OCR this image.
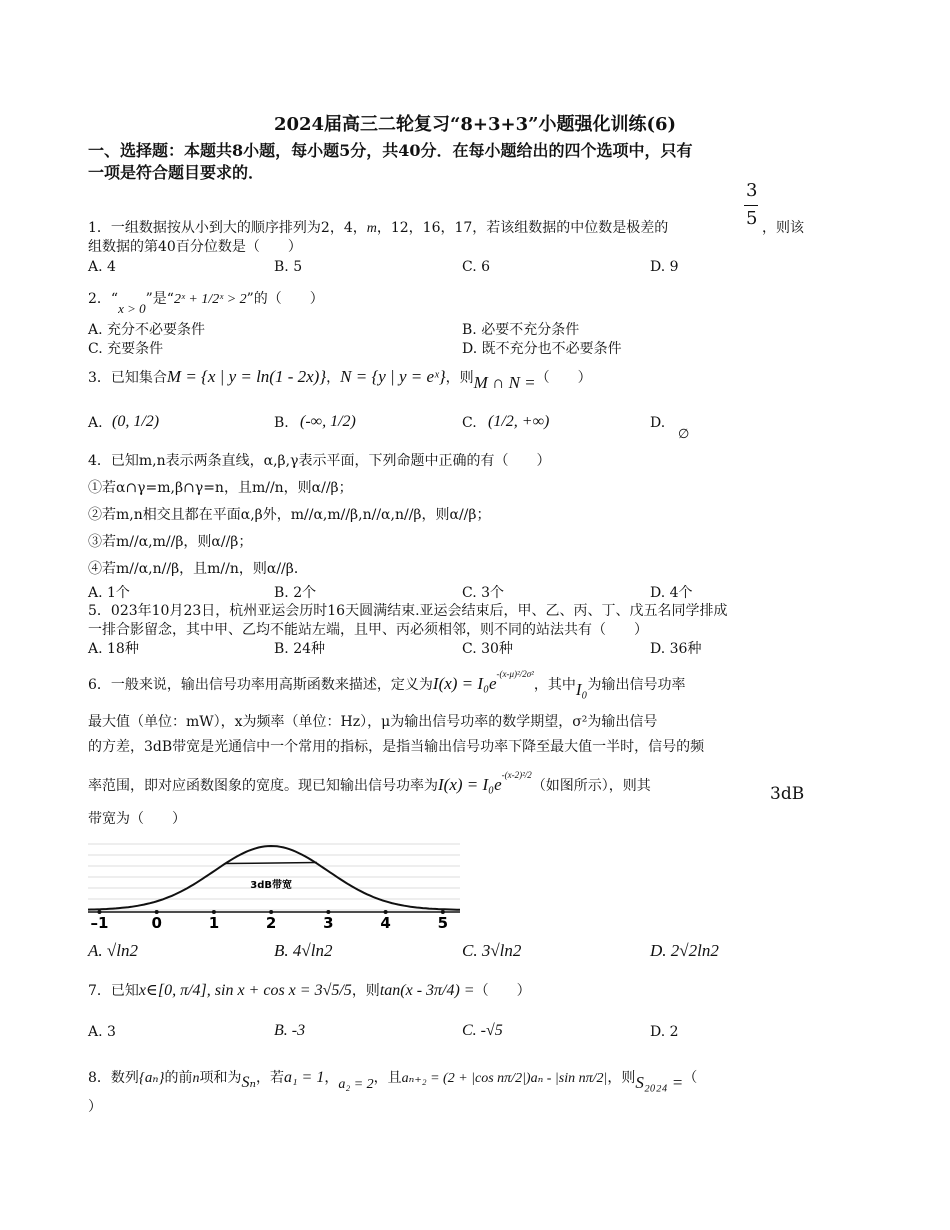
2024届高三二轮复习“8+3+3”小题强化训练(6)
一、选择题：本题共8小题，每小题5分，共40分．在每小题给出的四个选项中，只有
一项是符合题目要求的．
3
5
1．一组数据按从小到大的顺序排列为2，4，m，12，16，17，若该组数据的中位数是极差的	，则该
组数据的第40百分位数是（　　）
A. 4	B. 5	C. 6	D. 9
2．“x > 0”是“2ˣ + 1/2ˣ > 2”的（　　）
A. 充分不必要条件	B. 必要不充分条件
C. 充要条件	D. 既不充分也不必要条件
3．已知集合M = {x | y = ln(1 - 2x)}，N = {y | y = eˣ}，则M ∩ N =（　　）
A. (0, 1/2)	B. (-∞, 1/2)	C. (1/2, +∞)	D.
∅
4．已知m,n表示两条直线，α,β,γ表示平面，下列命题中正确的有（　　）
①若α∩γ=m,β∩γ=n，且m//n，则α//β；
②若m,n相交且都在平面α,β外，m//α,m//β,n//α,n//β，则α//β；
③若m//α,m//β，则α//β；
④若m//α,n//β，且m//n，则α//β．
A. 1个	B. 2个	C. 3个	D. 4个
5．023年10月23日，杭州亚运会历时16天圆满结束.亚运会结束后，甲、乙、丙、丁、戊五名同学排成
一排合影留念，其中甲、乙均不能站左端，且甲、丙必须相邻，则不同的站法共有（　　）
A. 18种	B. 24种	C. 30种	D. 36种
6．一般来说，输出信号功率用高斯函数来描述，定义为$I(x) = I_0e^{-(x-\mu)^2/2\sigma^2}$，其中I₀为输出信号功率
最大值（单位：mW），x为频率（单位：Hz），μ为输出信号功率的数学期望，σ²为输出信号
的方差，3dB带宽是光通信中一个常用的指标，是指当输出信号功率下降至最大值一半时，信号的频
率范围，即对应函数图象的宽度。现已知输出信号功率为$I(x) = I_0e^{-(x-2)^2/2}$（如图所示），则其	3dB
带宽为（　　）
3dB带宽
–1	0	1	2	3	4	5
A. √ln2	B. 4√ln2	C. 3√ln2	D. 2√2ln2
7．已知x∈[0, π/4], sin x + cos x = 3√5/5，则tan(x - 3π/4) =（　　）
A. 3	B. -3	C. -√5	D. 2
8．数列{aₙ}的前n项和为Sₙ，若a₁ = 1，a₂ = 2，且aₙ₊₂ = (2 + |cos nπ/2|)aₙ - |sin nπ/2|，则S₂₀₂₄ =（
）
